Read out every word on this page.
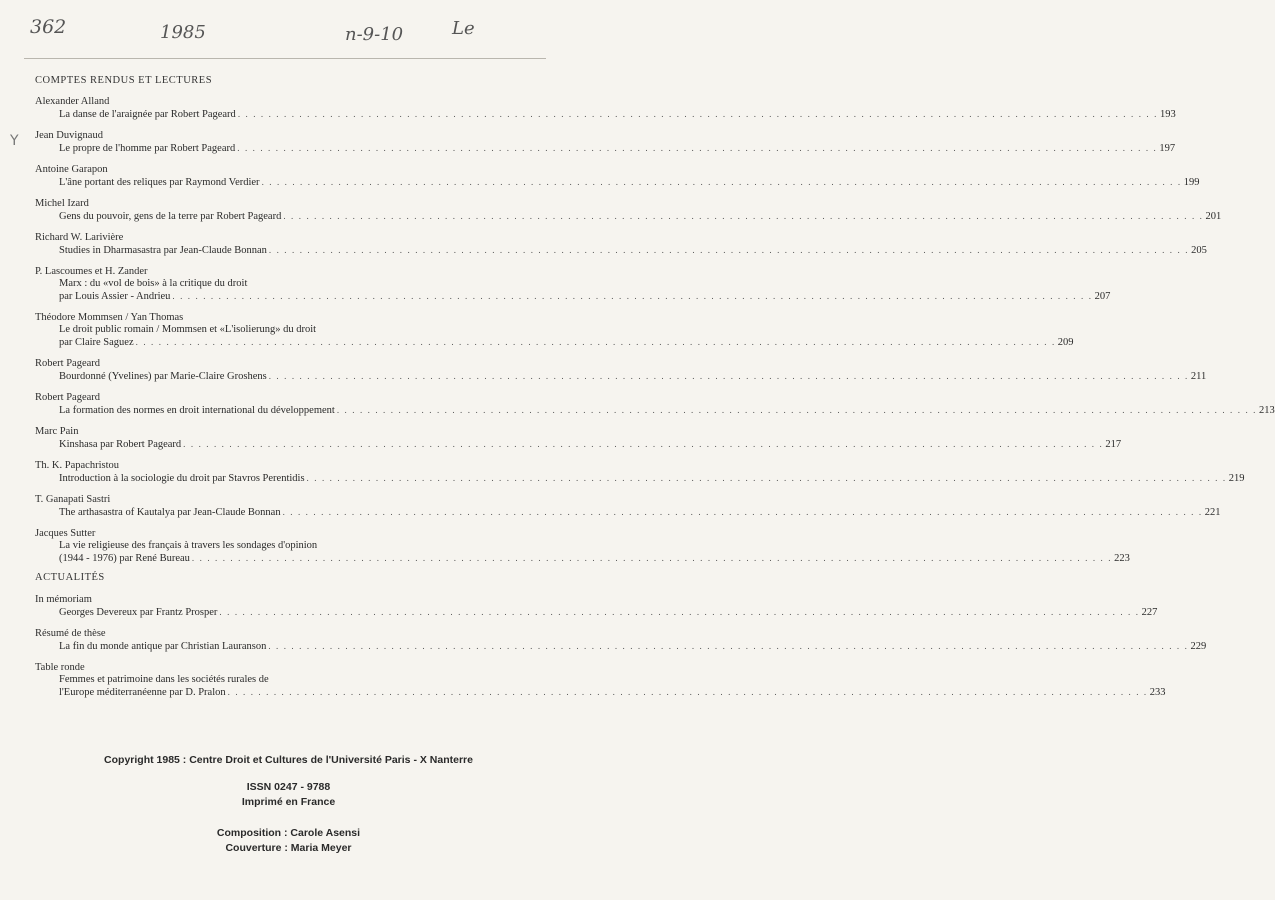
362	1985	n-9-10	Le
Y
COMPTES RENDUS ET LECTURES
Alexander Alland
La danse de l'araignée par Robert Pageard . . . . . . . . . . . . . . . . . . . . . . . . . . . . . . . . . . . . . . . . . . . . . . . . . . . . . . . . . . . . . . . . . . . . . . . . . . . . . . . . . . . . . . . . . . . . . . . . . . . . . . . . . . . . . . . . . . . . . . . . 193
Jean Duvignaud
Le propre de l'homme par Robert Pageard . . . . . . . . . . . . . . . . . . . . . . . . . . . . . . . . . . . . . . . . . . . . . . . . . . . . . . . . . . . . . . . . . . . . . . . . . . . . . . . . . . . . . . . . . . . . . . . . . . . . . . . . . . . . . . . . . . . . . . . . 197
Antoine Garapon
L'âne portant des reliques par Raymond Verdier . . . . . . . . . . . . . . . . . . . . . . . . . . . . . . . . . . . . . . . . . . . . . . . . . . . . . . . . . . . . . . . . . . . . . . . . . . . . . . . . . . . . . . . . . . . . . . . . . . . . . . . . . . . . . . . . . . . . . . . . 199
Michel Izard
Gens du pouvoir, gens de la terre par Robert Pageard . . . . . . . . . . . . . . . . . . . . . . . . . . . . . . . . . . . . . . . . . . . . . . . . . . . . . . . . . . . . . . . . . . . . . . . . . . . . . . . . . . . . . . . . . . . . . . . . . . . . . . . . . . . . . . . . . . . . . . . . 201
Richard W. Larivière
Studies in Dharmasastra par Jean-Claude Bonnan . . . . . . . . . . . . . . . . . . . . . . . . . . . . . . . . . . . . . . . . . . . . . . . . . . . . . . . . . . . . . . . . . . . . . . . . . . . . . . . . . . . . . . . . . . . . . . . . . . . . . . . . . . . . . . . . . . . . . . . . 205
P. Lascoumes et H. Zander
Marx : du «vol de bois» à la critique du droit
par Louis Assier - Andrieu . . . . . . . . . . . . . . . . . . . . . . . . . . . . . . . . . . . . . . . . . . . . . . . . . . . . . . . . . . . . . . . . . . . . . . . . . . . . . . . . . . . . . . . . . . . . . . . . . . . . . . . . . . . . . . . . . . . . . . . . 207
Théodore Mommsen / Yan Thomas
Le droit public romain / Mommsen et «L'isolierung» du droit
par Claire Saguez . . . . . . . . . . . . . . . . . . . . . . . . . . . . . . . . . . . . . . . . . . . . . . . . . . . . . . . . . . . . . . . . . . . . . . . . . . . . . . . . . . . . . . . . . . . . . . . . . . . . . . . . . . . . . . . . . . . . . . . . 209
Robert Pageard
Bourdonné (Yvelines) par Marie-Claire Groshens . . . . . . . . . . . . . . . . . . . . . . . . . . . . . . . . . . . . . . . . . . . . . . . . . . . . . . . . . . . . . . . . . . . . . . . . . . . . . . . . . . . . . . . . . . . . . . . . . . . . . . . . . . . . . . . . . . . . . . . . 211
Robert Pageard
La formation des normes en droit international du développement . . . . . . . . . . . . . . . . . . . . . . . . . . . . . . . . . . . . . . . . . . . . . . . . . . . . . . . . . . . . . . . . . . . . . . . . . . . . . . . . . . . . . . . . . . . . . . . . . . . . . . . . . . . . . . . . . . . . . . . . 213
Marc Pain
Kinshasa par Robert Pageard . . . . . . . . . . . . . . . . . . . . . . . . . . . . . . . . . . . . . . . . . . . . . . . . . . . . . . . . . . . . . . . . . . . . . . . . . . . . . . . . . . . . . . . . . . . . . . . . . . . . . . . . . . . . . . . . . . . . . . . . 217
Th. K. Papachristou
Introduction à la sociologie du droit par Stavros Perentidis . . . . . . . . . . . . . . . . . . . . . . . . . . . . . . . . . . . . . . . . . . . . . . . . . . . . . . . . . . . . . . . . . . . . . . . . . . . . . . . . . . . . . . . . . . . . . . . . . . . . . . . . . . . . . . . . . . . . . . . . 219
T. Ganapati Sastri
The arthasastra of Kautalya par Jean-Claude Bonnan . . . . . . . . . . . . . . . . . . . . . . . . . . . . . . . . . . . . . . . . . . . . . . . . . . . . . . . . . . . . . . . . . . . . . . . . . . . . . . . . . . . . . . . . . . . . . . . . . . . . . . . . . . . . . . . . . . . . . . . . 221
Jacques Sutter
La vie religieuse des français à travers les sondages d'opinion
(1944 - 1976) par René Bureau . . . . . . . . . . . . . . . . . . . . . . . . . . . . . . . . . . . . . . . . . . . . . . . . . . . . . . . . . . . . . . . . . . . . . . . . . . . . . . . . . . . . . . . . . . . . . . . . . . . . . . . . . . . . . . . . . . . . . . . . 223
ACTUALITÉS
In mémoriam
Georges Devereux par Frantz Prosper . . . . . . . . . . . . . . . . . . . . . . . . . . . . . . . . . . . . . . . . . . . . . . . . . . . . . . . . . . . . . . . . . . . . . . . . . . . . . . . . . . . . . . . . . . . . . . . . . . . . . . . . . . . . . . . . . . . . . . . . 227
Résumé de thèse
La fin du monde antique par Christian Lauranson . . . . . . . . . . . . . . . . . . . . . . . . . . . . . . . . . . . . . . . . . . . . . . . . . . . . . . . . . . . . . . . . . . . . . . . . . . . . . . . . . . . . . . . . . . . . . . . . . . . . . . . . . . . . . . . . . . . . . . . . 229
Table ronde
Femmes et patrimoine dans les sociétés rurales de
l'Europe méditerranéenne par D. Pralon . . . . . . . . . . . . . . . . . . . . . . . . . . . . . . . . . . . . . . . . . . . . . . . . . . . . . . . . . . . . . . . . . . . . . . . . . . . . . . . . . . . . . . . . . . . . . . . . . . . . . . . . . . . . . . . . . . . . . . . . 233
Copyright 1985 : Centre Droit et Cultures de l'Université Paris - X Nanterre
ISSN 0247 - 9788
Imprimé en France
Composition : Carole Asensi
Couverture : Maria Meyer
